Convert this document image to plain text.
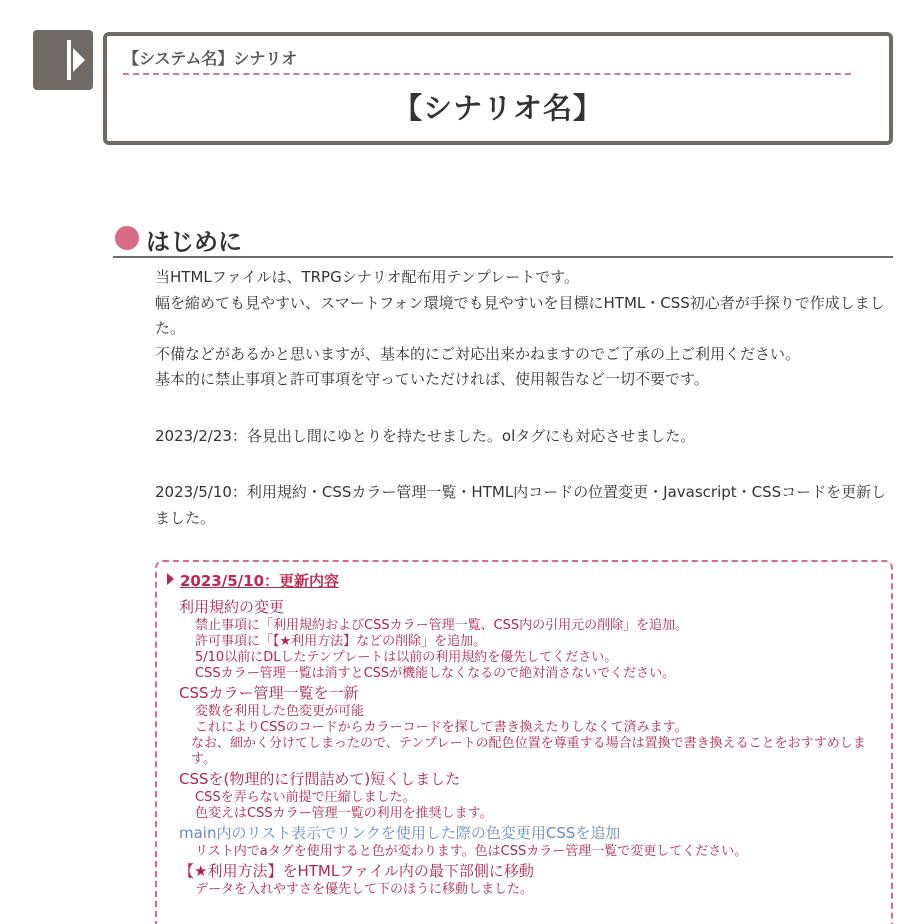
【システム名】シナリオ
【シナリオ名】
はじめに

当HTMLファイルは、TRPGシナリオ配布用テンプレートです。

幅を縮めても見やすい、スマートフォン環境でも見やすいを目標にHTML・CSS初心者が手探りで作成しました。

不備などがあるかと思いますが、基本的にご対応出来かねますのでご了承の上ご利用ください。

基本的に禁止事項と許可事項を守っていただければ、使用報告など一切不要です。

2023/2/23：各見出し間にゆとりを持たせました。olタグにも対応させました。

2023/5/10：利用規約・CSSカラー管理一覧・HTML内コードの位置変更・Javascript・CSSコードを更新しました。

2023/5/10：更新内容
利用規約の変更
禁止事項に「利用規約およびCSSカラー管理一覧、CSS内の引用元の削除」を追加。
許可事項に「【★利用方法】などの削除」を追加。
5/10以前にDLしたテンプレートは以前の利用規約を優先してください。
CSSカラー管理一覧は消すとCSSが機能しなくなるので絶対消さないでください。
CSSカラー管理一覧を一新
変数を利用した色変更が可能
これによりCSSのコードからカラーコードを探して書き換えたりしなくて済みます。
なお、細かく分けてしまったので、テンプレートの配色位置を尊重する場合は置換で書き換えることをおすすめします。
CSSを(物理的に行間詰めて)短くしました
CSSを弄らない前提で圧縮しました。
色変えはCSSカラー管理一覧の利用を推奨します。
main内のリスト表示でリンクを使用した際の色変更用CSSを追加
リスト内でaタグを使用すると色が変わります。色はCSSカラー管理一覧で変更してください。
【★利用方法】をHTMLファイル内の最下部側に移動
データを入れやすさを優先して下のほうに移動しました。
